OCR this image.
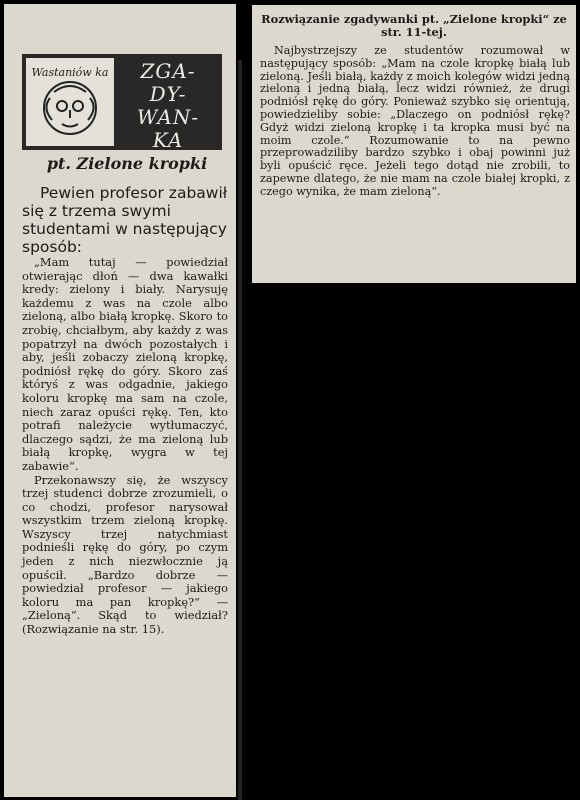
Wastaniów ka	ZGA-
DY-
WAN-
KA
pt. Zielone kropki

Pewien profesor zabawił się z trzema swymi studentami w następujący sposób:

„Mam tutaj — powiedział otwierając dłoń — dwa kawałki kredy: zielony i biały. Narysuję każdemu z was na czole albo zieloną, albo białą kropkę. Skoro to zrobię, chciałbym, aby każdy z was popatrzył na dwóch pozostałych i aby, jeśli zobaczy zieloną kropkę, podniósł rękę do góry. Skoro zaś któryś z was odgadnie, jakiego koloru kropkę ma sam na czole, niech zaraz opuści rękę. Ten, kto potrafi należycie wytłumaczyć, dlaczego sądzi, że ma zieloną lub białą kropkę, wygra w tej zabawie“.

Przekonawszy się, że wszyscy trzej studenci dobrze zrozumieli, o co chodzi, profesor narysował wszystkim trzem zieloną kropkę. Wszyscy trzej natychmiast podnieśli rękę do góry, po czym jeden z nich niezwłocznie ją opuścił. „Bardzo dobrze — powiedział profesor — jakiego koloru ma pan kropkę?“ — „Zieloną“. Skąd to wiedział? (Rozwiązanie na str. 15).

Rozwiązanie zgadywanki pt. „Zielone kropki“ ze str. 11-tej.

Najbystrzejszy ze studentów rozumował w następujący sposób: „Mam na czole kropkę białą lub zieloną. Jeśli białą, każdy z moich kolegów widzi jedną zieloną i jedną białą, lecz widzi również, że drugi podniósł rękę do góry. Ponieważ szybko się orientują, powiedzieliby sobie: „Dlaczego on podniósł rękę? Gdyż widzi zieloną kropkę i ta kropka musi być na moim czole.“ Rozumowanie to na pewno przeprowadziliby bardzo szybko i obaj powinni już byli opuścić ręce. Jeżeli tego dotąd nie zrobili, to zapewne dlatego, że nie mam na czole białej kropki, z czego wynika, że mam zieloną“.
